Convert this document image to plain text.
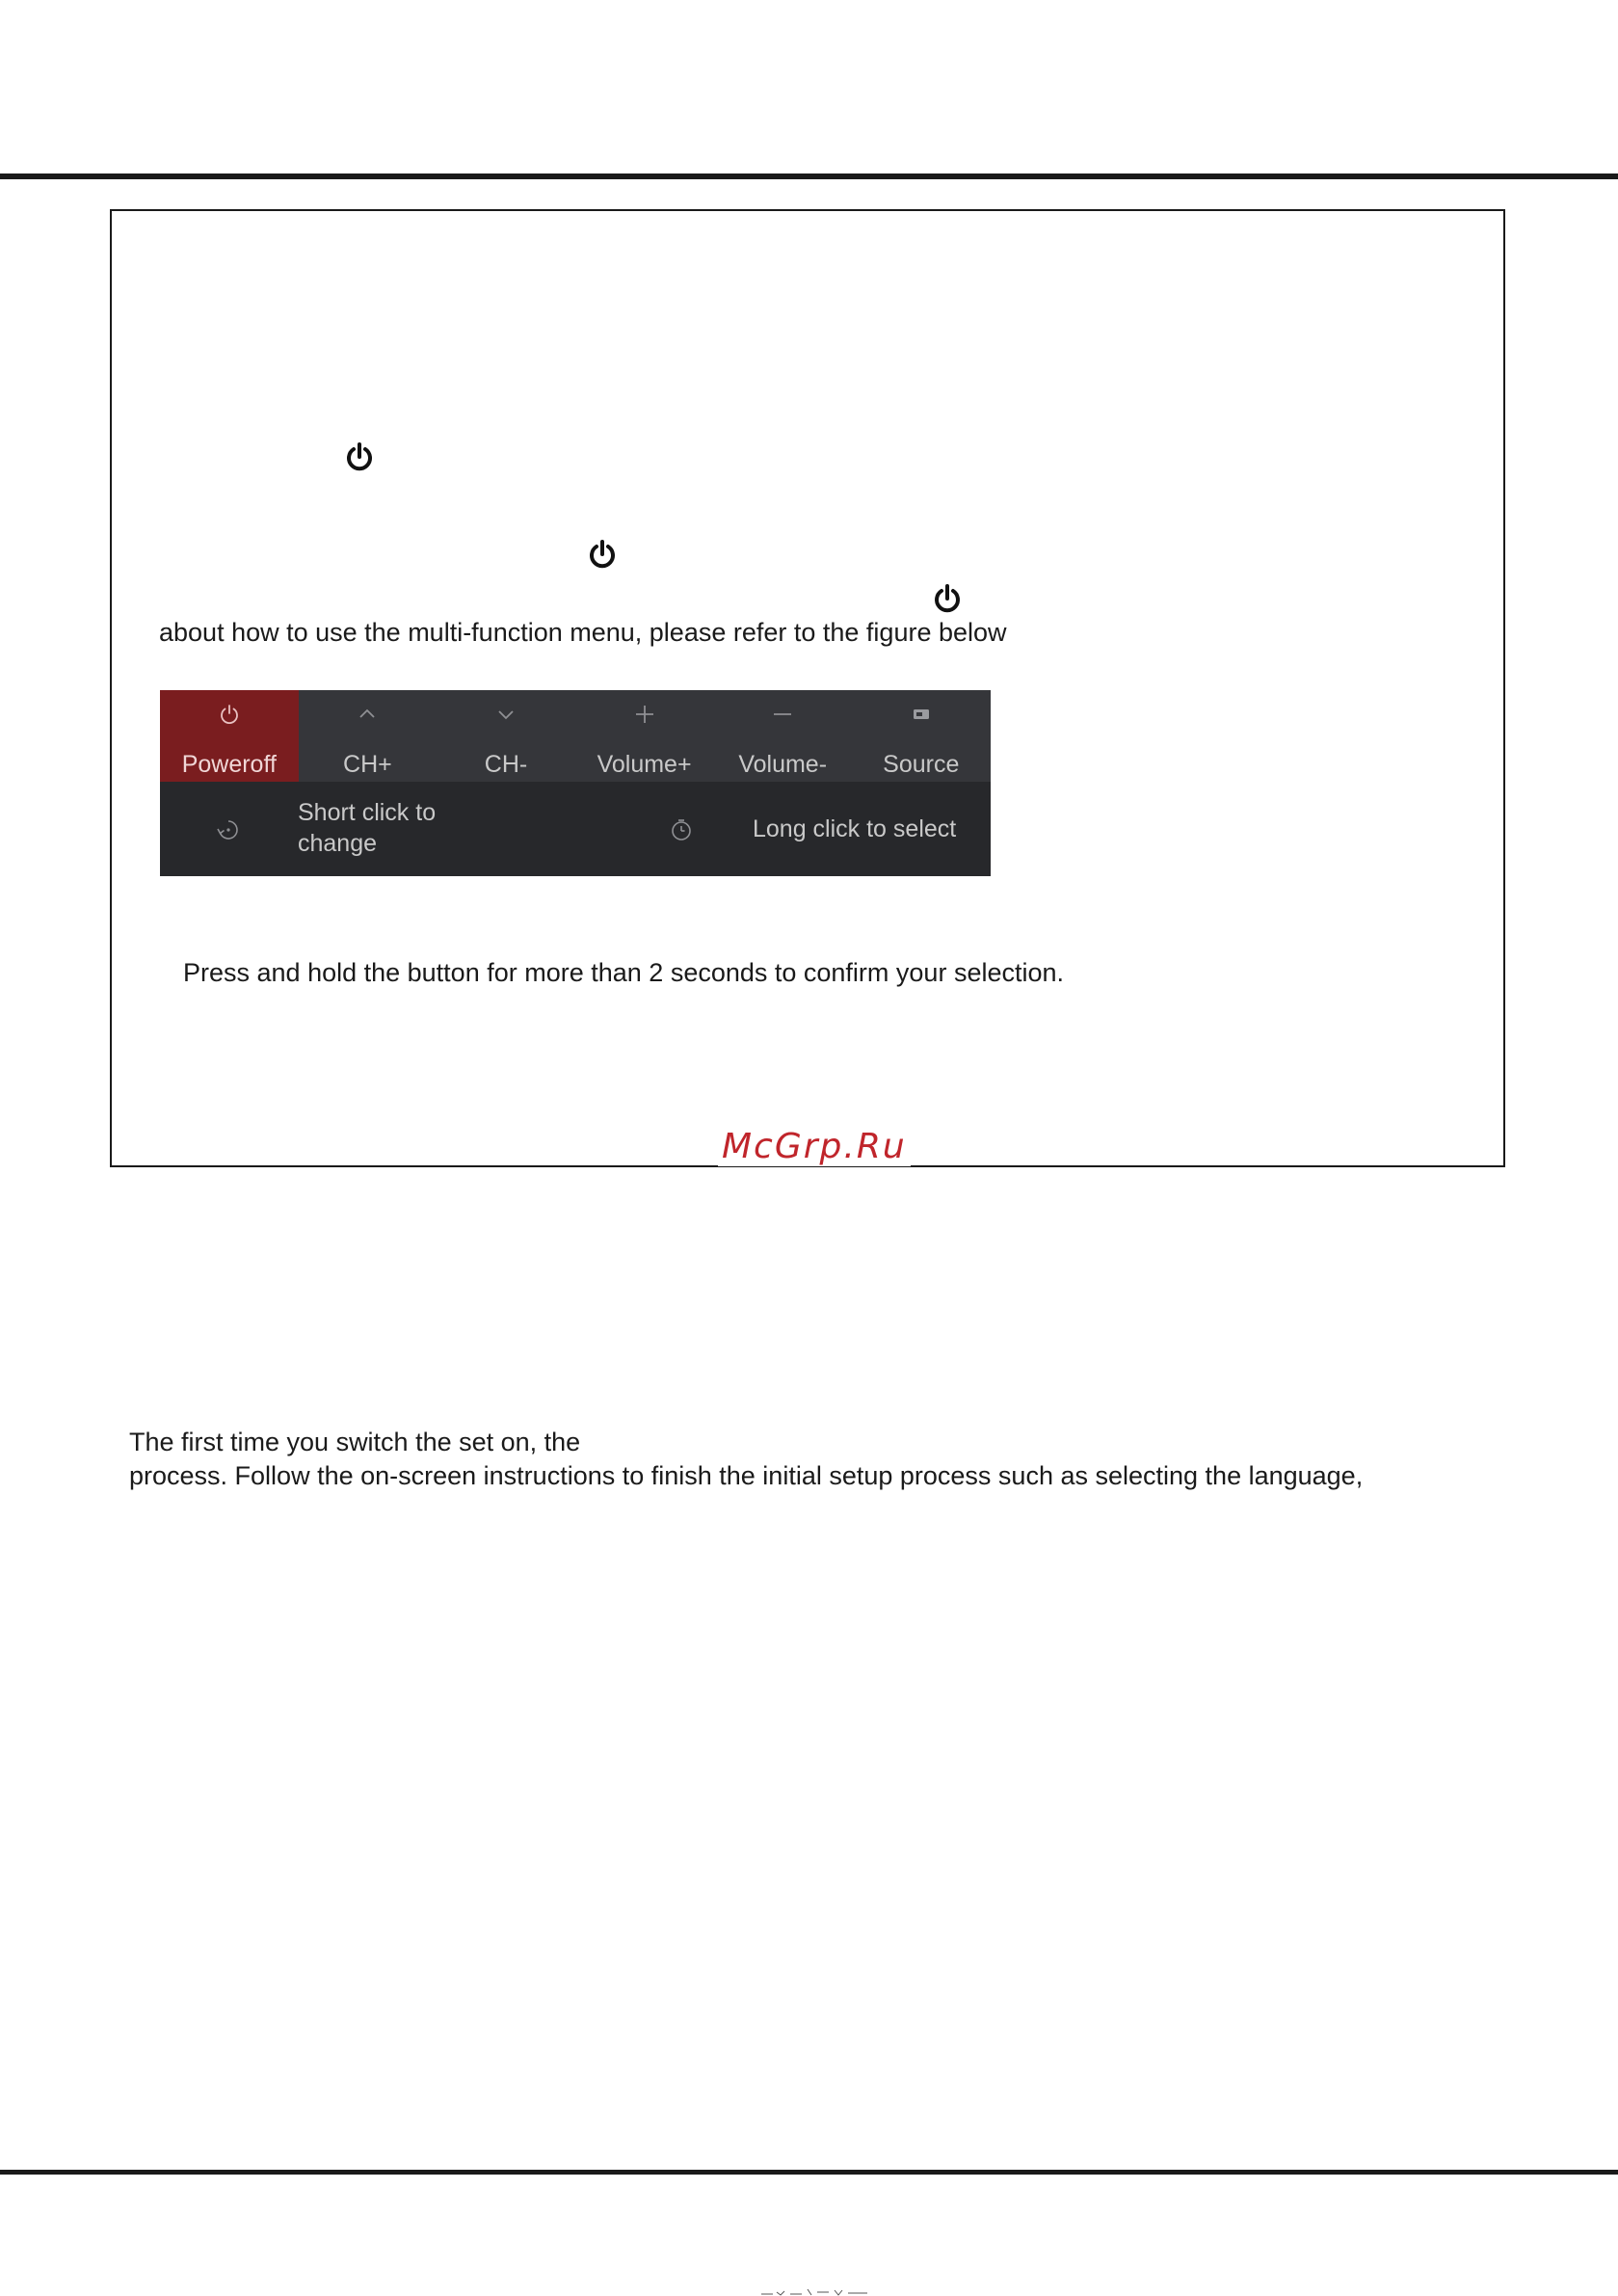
about how to use the multi-function menu, please refer to the figure below
Poweroff	CH+	CH-	Volume+	Volume-	Source
Short click to change
Long click to select
Press and hold the button for more than 2 seconds to confirm your selection.
McGrp.Ru
The first time you switch the set on, the
process. Follow the on-screen instructions to finish the initial setup process such as selecting the language,
